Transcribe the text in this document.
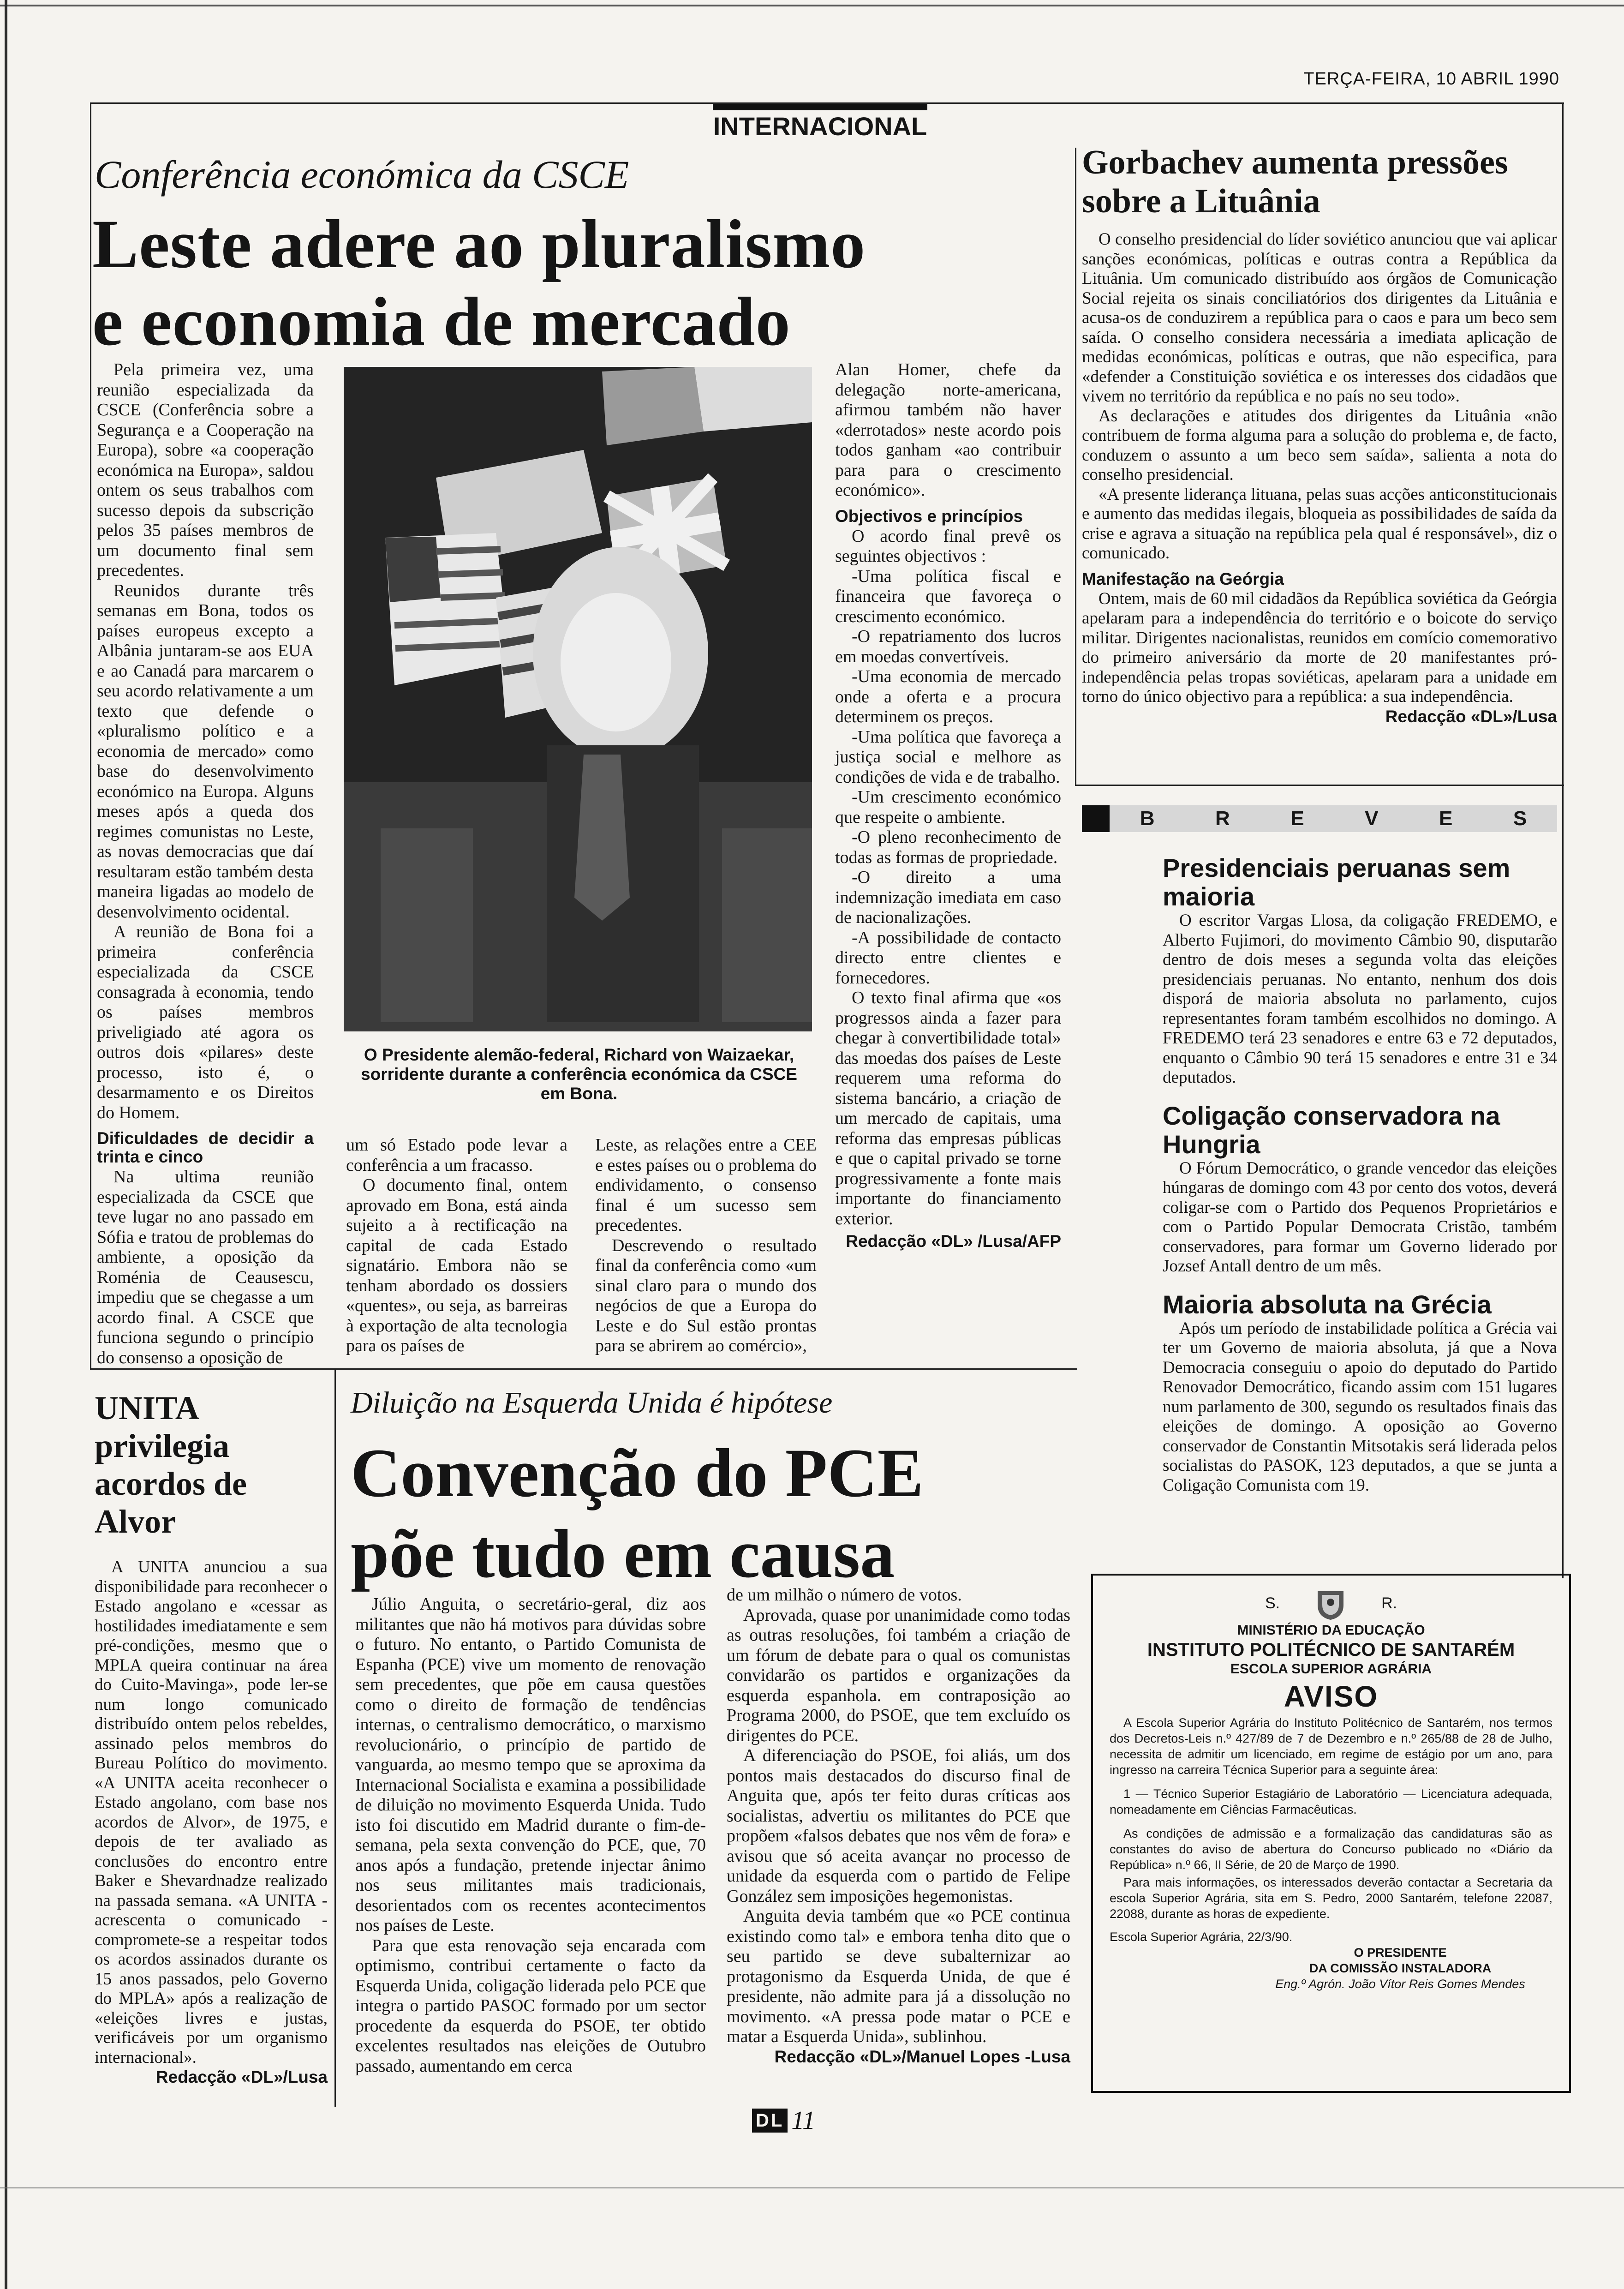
TERÇA-FEIRA, 10 ABRIL 1990
INTERNACIONAL
Conferência económica da CSCE
Leste adere ao pluralismo
e economia de mercado

Pela primeira vez, uma reunião especializada da CSCE (Conferência sobre a Segurança e a Cooperação na Europa), sobre «a cooperação económica na Europa», saldou ontem os seus trabalhos com sucesso depois da subscrição pelos 35 países membros de um documento final sem precedentes.

Reunidos durante três semanas em Bona, todos os países europeus excepto a Albânia juntaram-se aos EUA e ao Canadá para marcarem o seu acordo relativamente a um texto que defende o «pluralismo político e a economia de mercado» como base do desenvolvimento económico na Europa. Alguns meses após a queda dos regimes comunistas no Leste, as novas democracias que daí resultaram estão também desta maneira ligadas ao modelo de desenvolvimento ocidental.

A reunião de Bona foi a primeira conferência especializada da CSCE consagrada à economia, tendo os países membros priveligiado até agora os outros dois «pilares» deste processo, isto é, o desarmamento e os Direitos do Homem.

Dificuldades de decidir a trinta e cinco

Na ultima reunião especializada da CSCE que teve lugar no ano passado em Sófia e tratou de problemas do ambiente, a oposição da Roménia de Ceausescu, impediu que se chegasse a um acordo final. A CSCE que funciona segundo o princípio do consenso a oposição de

O Presidente alemão-federal, Richard von Waizaekar, sorridente durante a conferência económica da CSCE em Bona.

um só Estado pode levar a conferência a um fracasso.

O documento final, ontem aprovado em Bona, está ainda sujeito a à rectificação na capital de cada Estado signatário. Embora não se tenham abordado os dossiers «quentes», ou seja, as barreiras à exportação de alta tecnologia para os países de

Leste, as relações entre a CEE e estes países ou o problema do endividamento, o consenso final é um sucesso sem precedentes.

Descrevendo o resultado final da conferência como «um sinal claro para o mundo dos negócios de que a Europa do Leste e do Sul estão prontas para se abrirem ao comércio»,

Alan Homer, chefe da delegação norte-americana, afirmou também não haver «derrotados» neste acordo pois todos ganham «ao contribuir para para o crescimento económico».

Objectivos e princípios

O acordo final prevê os seguintes objectivos :

-Uma política fiscal e financeira que favoreça o crescimento económico.

-O repatriamento dos lucros em moedas convertíveis.

-Uma economia de mercado onde a oferta e a procura determinem os preços.

-Uma política que favoreça a justiça social e melhore as condições de vida e de trabalho.

-Um crescimento económico que respeite o ambiente.

-O pleno reconhecimento de todas as formas de propriedade.

-O direito a uma indemnização imediata em caso de nacionalizações.

-A possibilidade de contacto directo entre clientes e fornecedores.

O texto final afirma que «os progressos ainda a fazer para chegar à convertibilidade total» das moedas dos países de Leste requerem uma reforma do sistema bancário, a criação de um mercado de capitais, uma reforma das empresas públicas e que o capital privado se torne progressivamente a fonte mais importante do financiamento exterior.

Redacção «DL» /Lusa/AFP
Gorbachev aumenta pressões sobre a Lituânia

O conselho presidencial do líder soviético anunciou que vai aplicar sanções económicas, políticas e outras contra a República da Lituânia. Um comunicado distribuído aos órgãos de Comunicação Social rejeita os sinais conciliatórios dos dirigentes da Lituânia e acusa-os de conduzirem a república para o caos e para um beco sem saída. O conselho considera necessária a imediata aplicação de medidas económicas, políticas e outras, que não especifica, para «defender a Constituição soviética e os interesses dos cidadãos que vivem no território da república e no país no seu todo».

As declarações e atitudes dos dirigentes da Lituânia «não contribuem de forma alguma para a solução do problema e, de facto, conduzem o assunto a um beco sem saída», salienta a nota do conselho presidencial.

«A presente liderança lituana, pelas suas acções anticonstitucionais e aumento das medidas ilegais, bloqueia as possibilidades de saída da crise e agrava a situação na república pela qual é responsável», diz o comunicado.

Manifestação na Geórgia

Ontem, mais de 60 mil cidadãos da República soviética da Geórgia apelaram para a independência do território e o boicote do serviço militar. Dirigentes nacionalistas, reunidos em comício comemorativo do primeiro aniversário da morte de 20 manifestantes pró-independência pelas tropas soviéticas, apelaram para a unidade em torno do único objectivo para a república: a sua independência.

Redacção «DL»/Lusa
B	R	E	V	E	S
Presidenciais peruanas sem maioria

O escritor Vargas Llosa, da coligação FREDEMO, e Alberto Fujimori, do movimento Câmbio 90, disputarão dentro de dois meses a segunda volta das eleições presidenciais peruanas. No entanto, nenhum dos dois disporá de maioria absoluta no parlamento, cujos representantes foram também escolhidos no domingo. A FREDEMO terá 23 senadores e entre 63 e 72 deputados, enquanto o Câmbio 90 terá 15 senadores e entre 31 e 34 deputados.

Coligação conservadora na Hungria

O Fórum Democrático, o grande vencedor das eleições húngaras de domingo com 43 por cento dos votos, deverá coligar-se com o Partido dos Pequenos Proprietários e com o Partido Popular Democrata Cristão, também conservadores, para formar um Governo liderado por Jozsef Antall dentro de um mês.

Maioria absoluta na Grécia

Após um período de instabilidade política a Grécia vai ter um Governo de maioria absoluta, já que a Nova Democracia conseguiu o apoio do deputado do Partido Renovador Democrático, ficando assim com 151 lugares num parlamento de 300, segundo os resultados finais das eleições de domingo. A oposição ao Governo conservador de Constantin Mitsotakis será liderada pelos socialistas do PASOK, 123 deputados, a que se junta a Coligação Comunista com 19.

UNITA privilegia acordos de Alvor

A UNITA anunciou a sua disponibilidade para reconhecer o Estado angolano e «cessar as hostilidades imediatamente e sem pré-condições, mesmo que o MPLA queira continuar na área do Cuito-Mavinga», pode ler-se num longo comunicado distribuído ontem pelos rebeldes, assinado pelos membros do Bureau Político do movimento. «A UNITA aceita reconhecer o Estado angolano, com base nos acordos de Alvor», de 1975, e depois de ter avaliado as conclusões do encontro entre Baker e Shevardnadze realizado na passada semana. «A UNITA - acrescenta o comunicado - compromete-se a respeitar todos os acordos assinados durante os 15 anos passados, pelo Governo do MPLA» após a realização de «eleições livres e justas, verificáveis por um organismo internacional».

Redacção «DL»/Lusa
Diluição na Esquerda Unida é hipótese
Convenção do PCE
põe tudo em causa

Júlio Anguita, o secretário-geral, diz aos militantes que não há motivos para dúvidas sobre o futuro. No entanto, o Partido Comunista de Espanha (PCE) vive um momento de renovação sem precedentes, que põe em causa questões como o direito de formação de tendências internas, o centralismo democrático, o marxismo revolucionário, o princípio de partido de vanguarda, ao mesmo tempo que se aproxima da Internacional Socialista e examina a possibilidade de diluição no movimento Esquerda Unida. Tudo isto foi discutido em Madrid durante o fim-de-semana, pela sexta convenção do PCE, que, 70 anos após a fundação, pretende injectar ânimo nos seus militantes mais tradicionais, desorientados com os recentes acontecimentos nos países de Leste.

Para que esta renovação seja encarada com optimismo, contribui certamente o facto da Esquerda Unida, coligação liderada pelo PCE que integra o partido PASOC formado por um sector procedente da esquerda do PSOE, ter obtido excelentes resultados nas eleições de Outubro passado, aumentando em cerca

de um milhão o número de votos.

Aprovada, quase por unanimidade como todas as outras resoluções, foi também a criação de um fórum de debate para o qual os comunistas convidarão os partidos e organizações da esquerda espanhola. em contraposição ao Programa 2000, do PSOE, que tem excluído os dirigentes do PCE.

A diferenciação do PSOE, foi aliás, um dos pontos mais destacados do discurso final de Anguita que, após ter feito duras críticas aos socialistas, advertiu os militantes do PCE que propõem «falsos debates que nos vêm de fora» e avisou que só aceita avançar no processo de unidade da esquerda com o partido de Felipe González sem imposições hegemonistas.

Anguita devia também que «o PCE continua existindo como tal» e embora tenha dito que o seu partido se deve subalternizar ao protagonismo da Esquerda Unida, de que é presidente, não admite para já a dissolução no movimento. «A pressa pode matar o PCE e matar a Esquerda Unida», sublinhou.

Redacção «DL»/Manuel Lopes -Lusa
S.	R.
MINISTÉRIO DA EDUCAÇÃO
INSTITUTO POLITÉCNICO DE SANTARÉM
ESCOLA SUPERIOR AGRÁRIA
AVISO

A Escola Superior Agrária do Instituto Politécnico de Santarém, nos termos dos Decretos-Leis n.º 427/89 de 7 de Dezembro e n.º 265/88 de 28 de Julho, necessita de admitir um licenciado, em regime de estágio por um ano, para ingresso na carreira Técnica Superior para a seguinte área:

1 — Técnico Superior Estagiário de Laboratório — Licenciatura adequada, nomeadamente em Ciências Farmacêuticas.

As condições de admissão e a formalização das candidaturas são as constantes do aviso de abertura do Concurso publicado no «Diário da República» n.º 66, II Série, de 20 de Março de 1990.

Para mais informações, os interessados deverão contactar a Secretaria da escola Superior Agrária, sita em S. Pedro, 2000 Santarém, telefone 22087, 22088, durante as horas de expediente.

Escola Superior Agrária, 22/3/90.

O PRESIDENTE
DA COMISSÃO INSTALADORA
Eng.º Agrón. João Vítor Reis Gomes Mendes
DL 11
